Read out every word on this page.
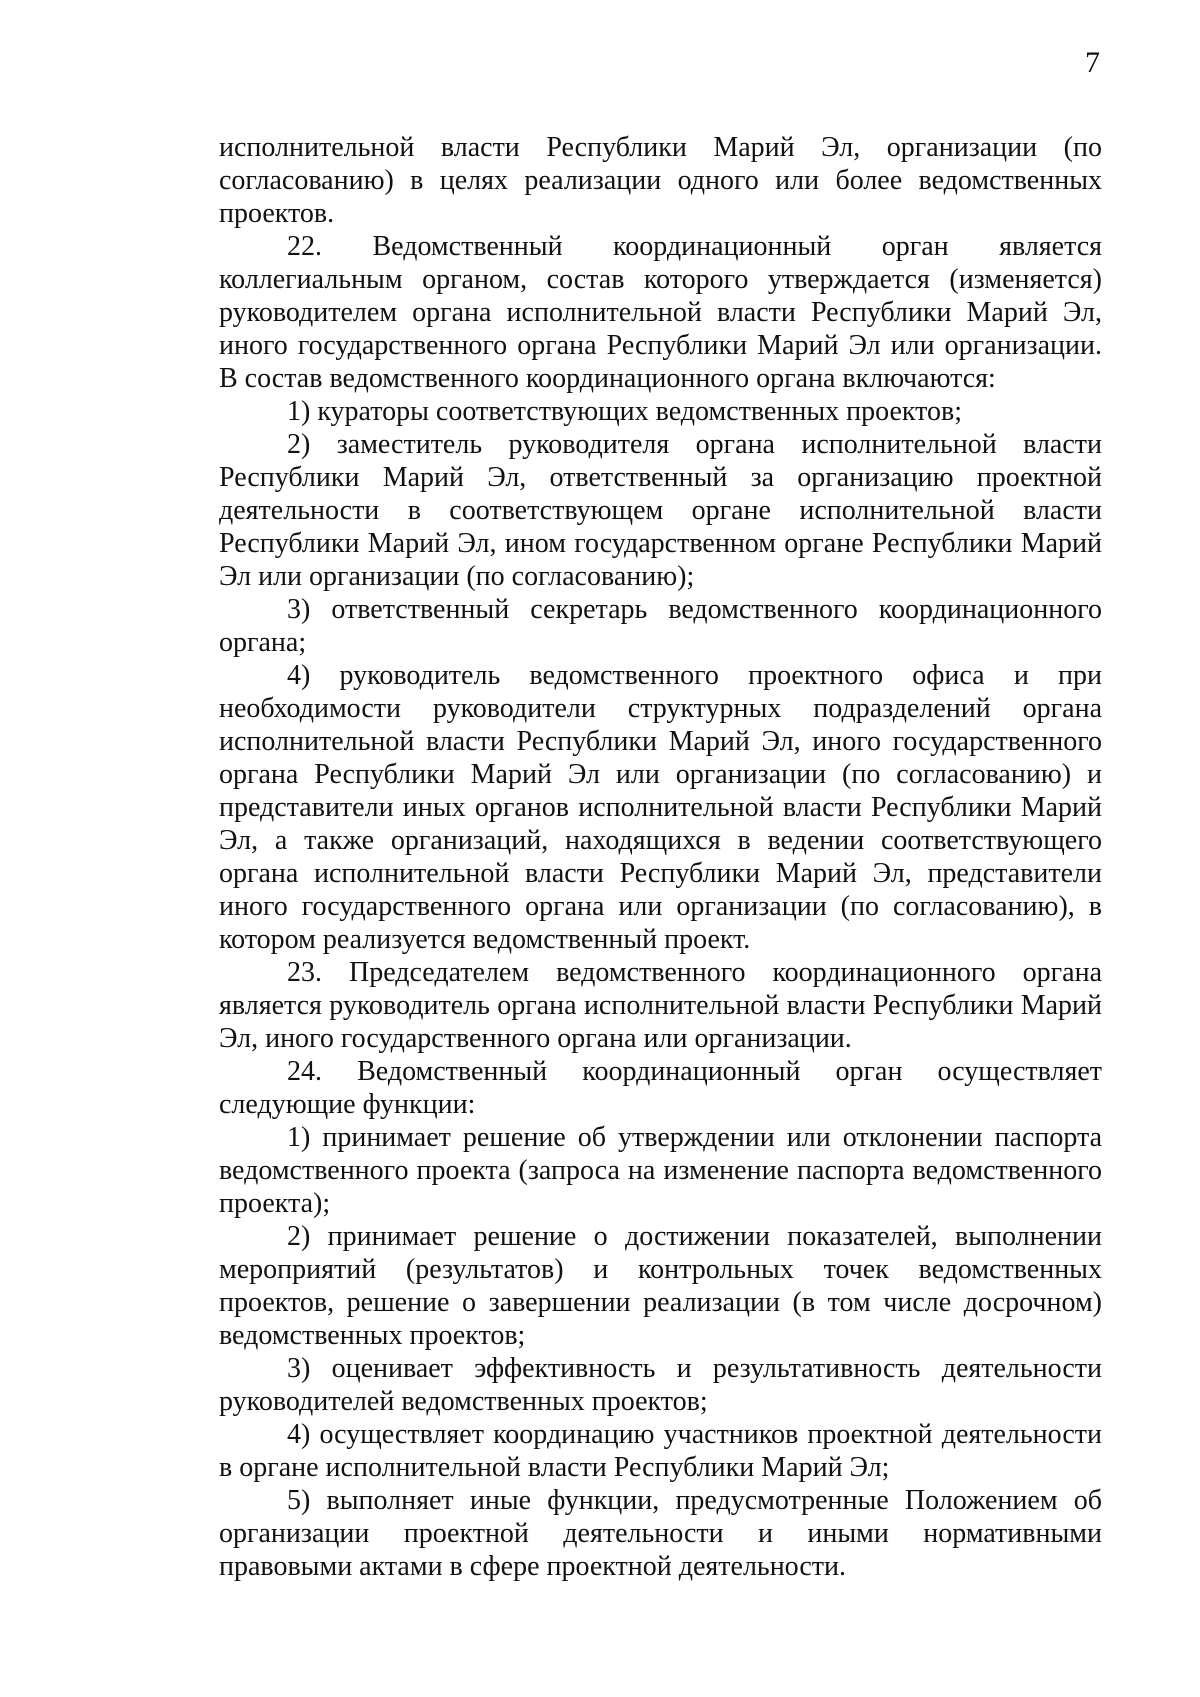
7

исполнительной власти Республики Марий Эл, организации (по согласованию) в целях реализации одного или более ведомственных проектов.

22. Ведомственный координационный орган является коллегиальным органом, состав которого утверждается (изменяется) руководителем органа исполнительной власти Республики Марий Эл, иного государственного органа Республики Марий Эл или организации. В состав ведомственного координационного органа включаются:

1) кураторы соответствующих ведомственных проектов;

2) заместитель руководителя органа исполнительной власти Республики Марий Эл, ответственный за организацию проектной деятельности в соответствующем органе исполнительной власти Республики Марий Эл, ином государственном органе Республики Марий Эл или организации (по согласованию);

3) ответственный секретарь ведомственного координационного органа;

4) руководитель ведомственного проектного офиса и при необходимости руководители структурных подразделений органа исполнительной власти Республики Марий Эл, иного государственного органа Республики Марий Эл или организации (по согласованию) и представители иных органов исполнительной власти Республики Марий Эл, а также организаций, находящихся в ведении соответствующего органа исполнительной власти Республики Марий Эл, представители иного государственного органа или организации (по согласованию), в котором реализуется ведомственный проект.

23. Председателем ведомственного координационного органа является руководитель органа исполнительной власти Республики Марий Эл, иного государственного органа или организации.

24. Ведомственный координационный орган осуществляет следующие функции:

1) принимает решение об утверждении или отклонении паспорта ведомственного проекта (запроса на изменение паспорта ведомственного проекта);

2) принимает решение о достижении показателей, выполнении мероприятий (результатов) и контрольных точек ведомственных проектов, решение о завершении реализации (в том числе досрочном) ведомственных проектов;

3) оценивает эффективность и результативность деятельности руководителей ведомственных проектов;

4) осуществляет координацию участников проектной деятельности в органе исполнительной власти Республики Марий Эл;

5) выполняет иные функции, предусмотренные Положением об организации проектной деятельности и иными нормативными правовыми актами в сфере проектной деятельности.
